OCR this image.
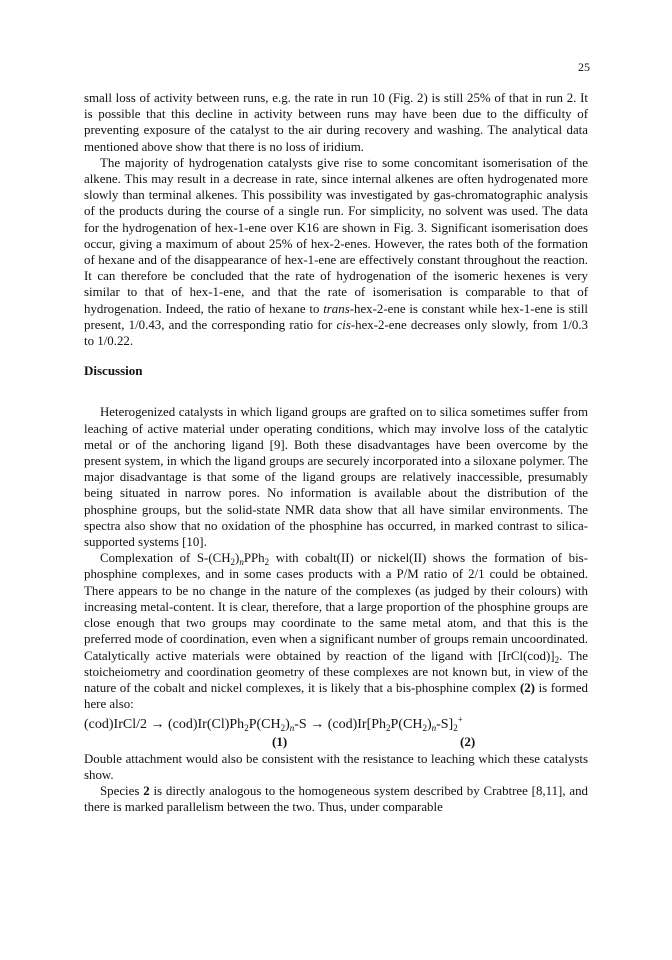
25

small loss of activity between runs, e.g. the rate in run 10 (Fig. 2) is still 25% of that in run 2. It is possible that this decline in activity between runs may have been due to the difficulty of preventing exposure of the catalyst to the air during recovery and washing. The analytical data mentioned above show that there is no loss of iridium.

The majority of hydrogenation catalysts give rise to some concomitant isomerisation of the alkene. This may result in a decrease in rate, since internal alkenes are often hydrogenated more slowly than terminal alkenes. This possibility was investigated by gas-chromatographic analysis of the products during the course of a single run. For simplicity, no solvent was used. The data for the hydrogenation of hex-1-ene over K16 are shown in Fig. 3. Significant isomerisation does occur, giving a maximum of about 25% of hex-2-enes. However, the rates both of the formation of hexane and of the disappearance of hex-1-ene are effectively constant throughout the reaction. It can therefore be concluded that the rate of hydrogenation of the isomeric hexenes is very similar to that of hex-1-ene, and that the rate of isomerisation is comparable to that of hydrogenation. Indeed, the ratio of hexane to trans-hex-2-ene is constant while hex-1-ene is still present, 1/0.43, and the corresponding ratio for cis-hex-2-ene decreases only slowly, from 1/0.3 to 1/0.22.

Discussion

Heterogenized catalysts in which ligand groups are grafted on to silica sometimes suffer from leaching of active material under operating conditions, which may involve loss of the catalytic metal or of the anchoring ligand [9]. Both these disadvantages have been overcome by the present system, in which the ligand groups are securely incorporated into a siloxane polymer. The major disadvantage is that some of the ligand groups are relatively inaccessible, presumably being situated in narrow pores. No information is available about the distribution of the phosphine groups, but the solid-state NMR data show that all have similar environments. The spectra also show that no oxidation of the phosphine has occurred, in marked contrast to silica-supported systems [10].

Complexation of $S-(CH_2)_nPPh_2$ with cobalt(II) or nickel(II) shows the formation of bis-phosphine complexes, and in some cases products with a P/M ratio of 2/1 could be obtained. There appears to be no change in the nature of the complexes (as judged by their colours) with increasing metal-content. It is clear, therefore, that a large proportion of the phosphine groups are close enough that two groups may coordinate to the same metal atom, and that this is the preferred mode of coordination, even when a significant number of groups remain uncoordinated. Catalytically active materials were obtained by reaction of the ligand with $[IrCl(cod)]_2$. The stoicheiometry and coordination geometry of these complexes are not known but, in view of the nature of the cobalt and nickel complexes, it is likely that a bis-phosphine complex (2) is formed here also:

(cod)IrCl/2 → $(cod)Ir(Cl)Ph_2P(CH_2)_n-S \to (cod)Ir[Ph_2P(CH_2)_n-S]_2^+$
(1)	(2)

Double attachment would also be consistent with the resistance to leaching which these catalysts show.

Species 2 is directly analogous to the homogeneous system described by Crabtree [8,11], and there is marked parallelism between the two. Thus, under comparable
